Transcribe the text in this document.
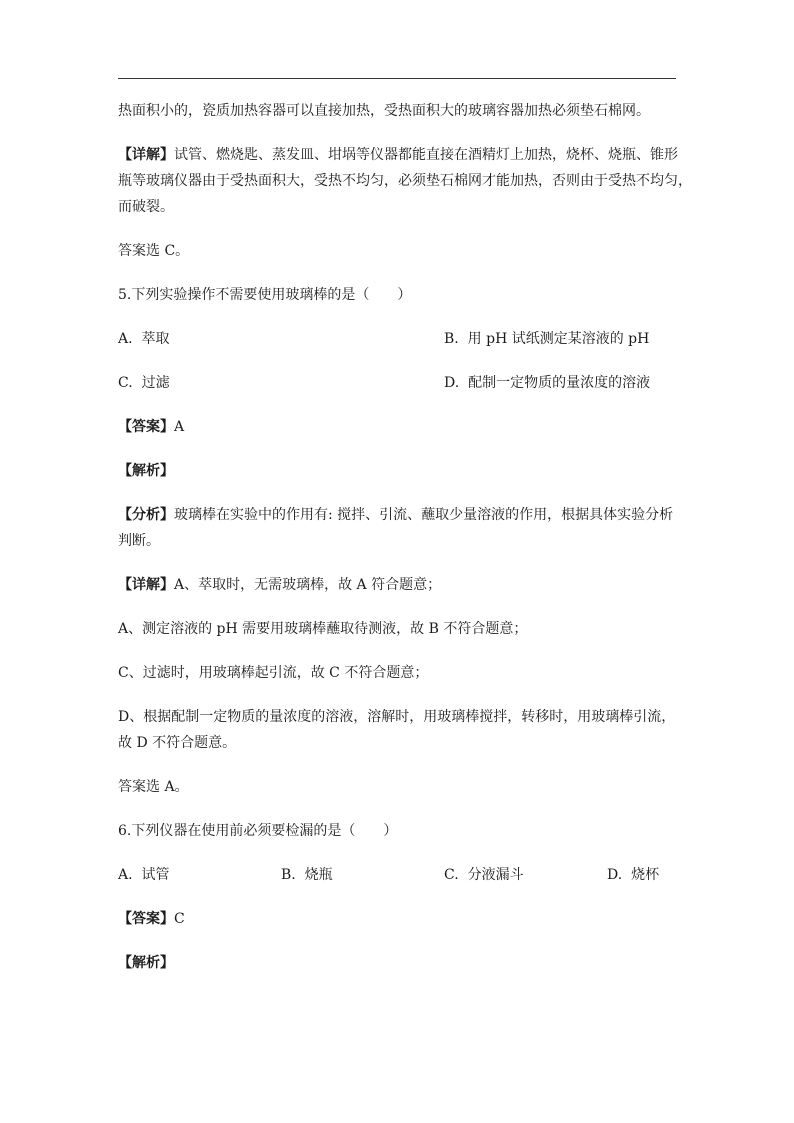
热面积小的，瓷质加热容器可以直接加热，受热面积大的玻璃容器加热必须垫石棉网。
【详解】试管、燃烧匙、蒸发皿、坩埚等仪器都能直接在酒精灯上加热，烧杯、烧瓶、锥形
瓶等玻璃仪器由于受热面积大，受热不均匀，必须垫石棉网才能加热，否则由于受热不均匀，
而破裂。
答案选 C。
5.下列实验操作不需要使用玻璃棒的是（　　）
A. 萃取	B. 用 pH 试纸测定某溶液的 pH
C. 过滤	D. 配制一定物质的量浓度的溶液
【答案】A
【解析】
【分析】玻璃棒在实验中的作用有: 搅拌、引流、蘸取少量溶液的作用，根据具体实验分析
判断。
【详解】A、萃取时，无需玻璃棒，故 A 符合题意；
A、测定溶液的 pH 需要用玻璃棒蘸取待测液，故 B 不符合题意；
C、过滤时，用玻璃棒起引流，故 C 不符合题意；
D、根据配制一定物质的量浓度的溶液，溶解时，用玻璃棒搅拌，转移时，用玻璃棒引流，
故 D 不符合题意。
答案选 A。
6.下列仪器在使用前必须要检漏的是（　　）
A. 试管	B. 烧瓶	C. 分液漏斗	D. 烧杯
【答案】C
【解析】
